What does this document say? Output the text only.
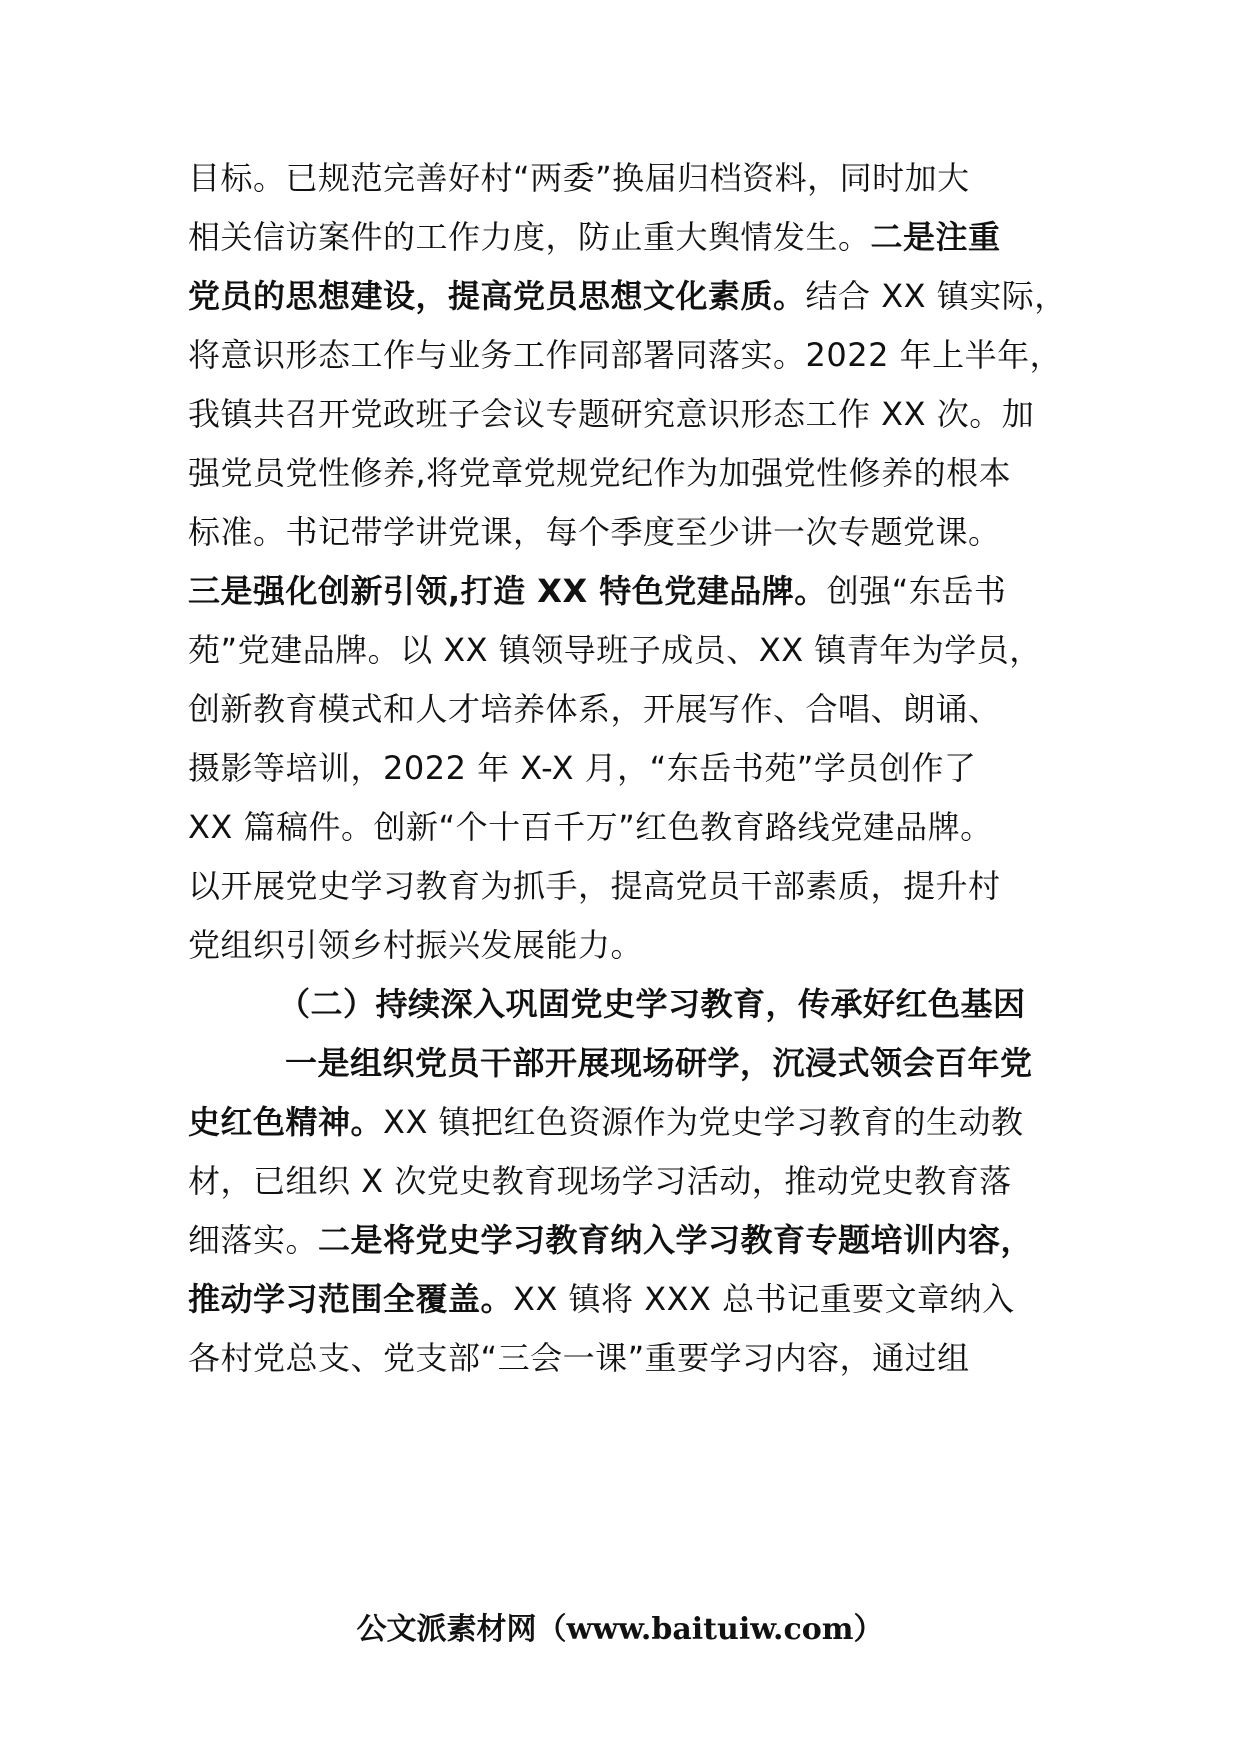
目标。已规范完善好村“两委”换届归档资料，同时加大
相关信访案件的工作力度，防止重大舆情发生。二是注重
党员的思想建设，提高党员思想文化素质。结合 XX 镇实际，
将意识形态工作与业务工作同部署同落实。2022 年上半年，
我镇共召开党政班子会议专题研究意识形态工作 XX 次。加
强党员党性修养,将党章党规党纪作为加强党性修养的根本
标准。书记带学讲党课，每个季度至少讲一次专题党课。
三是强化创新引领,打造 XX 特色党建品牌。创强“东岳书
苑”党建品牌。以 XX 镇领导班子成员、XX 镇青年为学员，
创新教育模式和人才培养体系，开展写作、合唱、朗诵、
摄影等培训，2022 年 X-X 月，“东岳书苑”学员创作了
XX 篇稿件。创新“个十百千万”红色教育路线党建品牌。
以开展党史学习教育为抓手，提高党员干部素质，提升村
党组织引领乡村振兴发展能力。
（二）持续深入巩固党史学习教育，传承好红色基因
一是组织党员干部开展现场研学，沉浸式领会百年党
史红色精神。XX 镇把红色资源作为党史学习教育的生动教
材，已组织 X 次党史教育现场学习活动，推动党史教育落
细落实。二是将党史学习教育纳入学习教育专题培训内容，
推动学习范围全覆盖。XX 镇将 XXX 总书记重要文章纳入
各村党总支、党支部“三会一课”重要学习内容，通过组
公文派素材网（www.baituiw.com）
